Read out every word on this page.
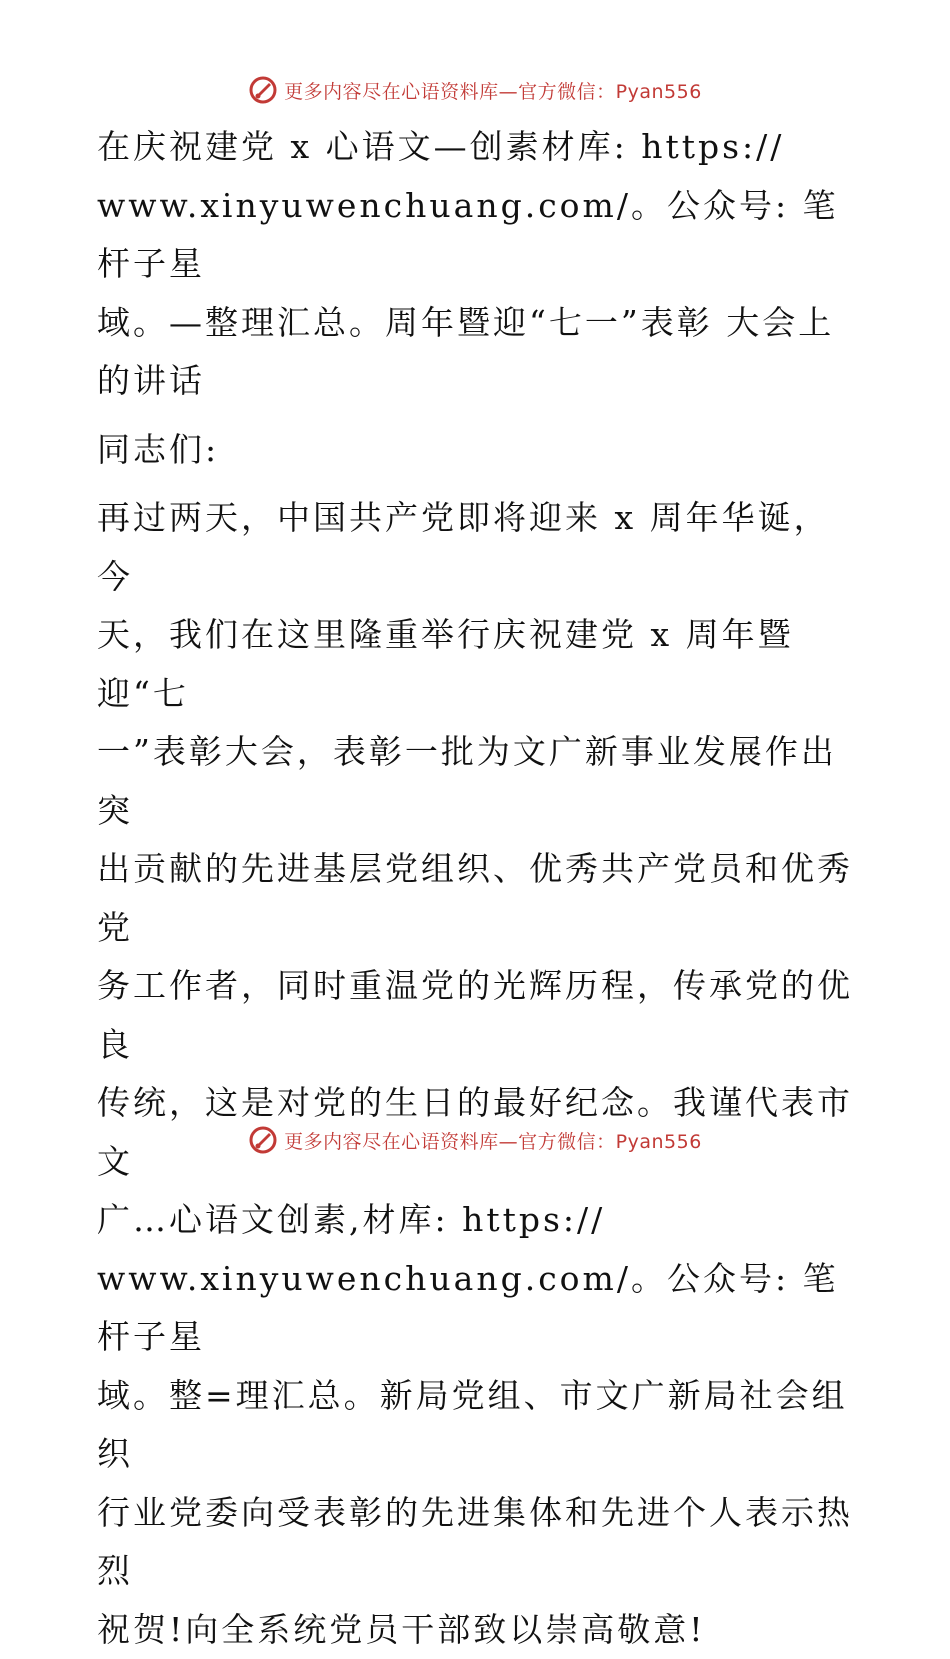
更多内容尽在心语资料库—官方微信：Pyan556

在庆祝建党 x 心语文—创素材库: https://
www.xinyuwenchuang.com/。公众号: 笔杆子星
域。—整理汇总。周年暨迎“七一”表彰 大会上
的讲话

同志们:

再过两天，中国共产党即将迎来 x 周年华诞，今
天，我们在这里隆重举行庆祝建党 x 周年暨迎“七
一”表彰大会，表彰一批为文广新事业发展作出突
出贡献的先进基层党组织、优秀共产党员和优秀党
务工作者，同时重温党的光辉历程，传承党的优良
传统，这是对党的生日的最好纪念。我谨代表市文
广…心语文创素,材库: https://
www.xinyuwenchuang.com/。公众号: 笔杆子星
域。整=理汇总。新局党组、市文广新局社会组织
行业党委向受表彰的先进集体和先进个人表示热烈
祝贺!向全系统党员干部致以崇高敬意!

更多内容尽在心语资料库—官方微信：Pyan556
